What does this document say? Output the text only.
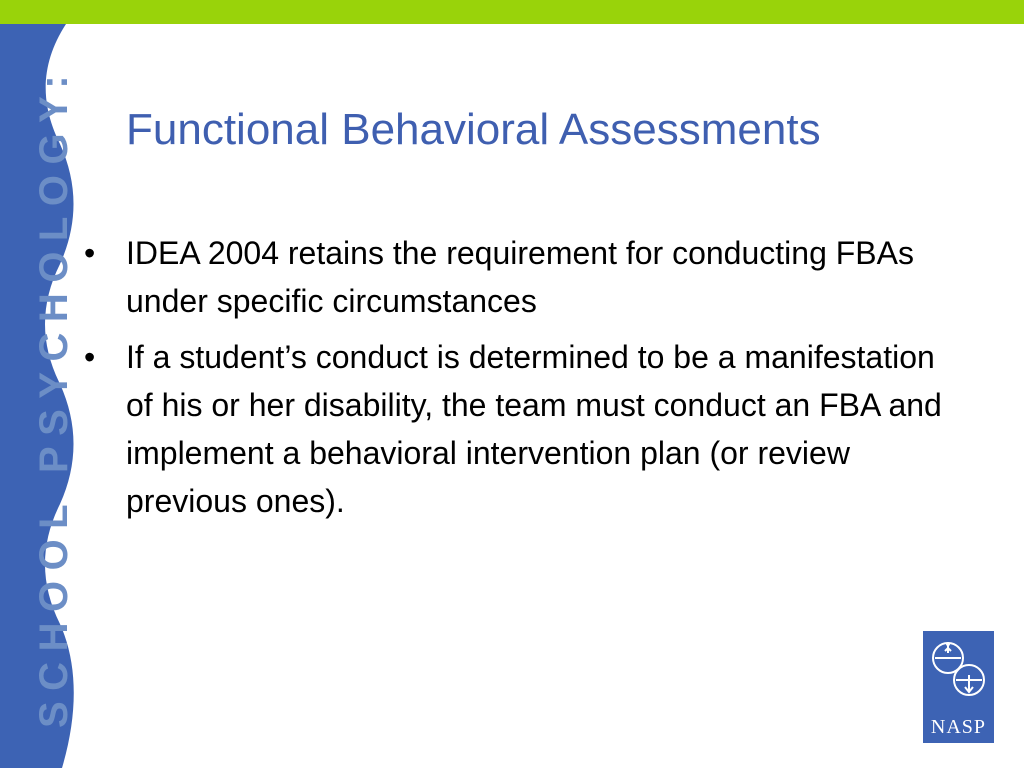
SCHOOL PSYCHOLOGY: Functional Behavioral Assessments
• IDEA 2004 retains the requirement for conducting FBAs under specific circumstances
• If a student’s conduct is determined to be a manifestation of his or her disability, the team must conduct an FBA and implement a behavioral intervention plan (or review previous ones).
NASP
